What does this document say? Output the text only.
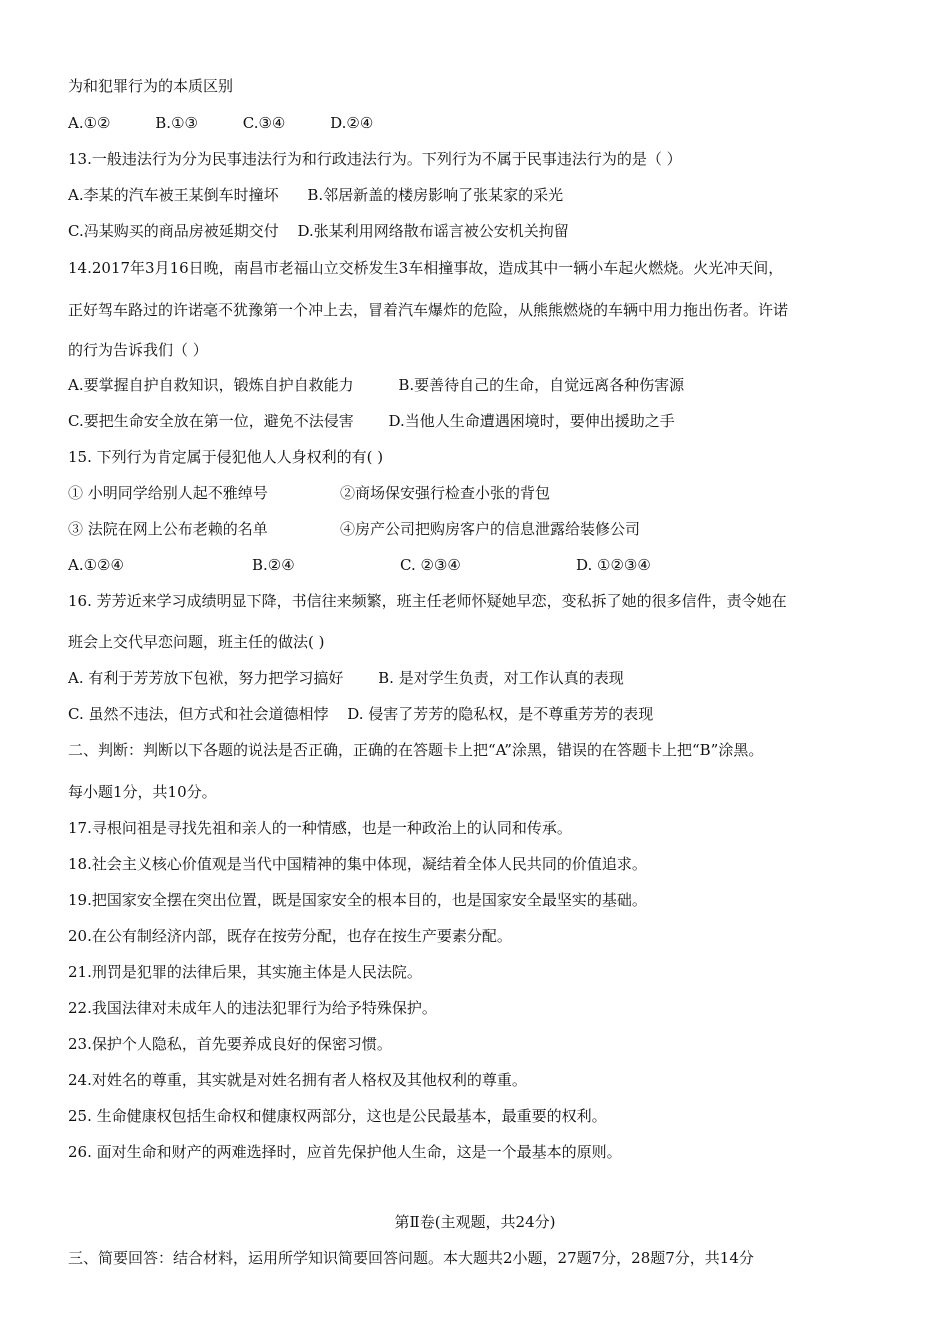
为和犯罪行为的本质区别
A.①②	B.①③	C.③④	D.②④
13.一般违法行为分为民事违法行为和行政违法行为。下列行为不属于民事违法行为的是（ ）
A.李某的汽车被王某倒车时撞坏 B.邻居新盖的楼房影响了张某家的采光
C.冯某购买的商品房被延期交付 D.张某利用网络散布谣言被公安机关拘留
14.2017年3月16日晚，南昌市老福山立交桥发生3车相撞事故，造成其中一辆小车起火燃烧。火光冲天间，
正好驾车路过的许诺毫不犹豫第一个冲上去，冒着汽车爆炸的危险，从熊熊燃烧的车辆中用力拖出伤者。许诺
的行为告诉我们（ ）
A.要掌握自护自救知识，锻炼自护自救能力	B.要善待自己的生命，自觉远离各种伤害源
C.要把生命安全放在第一位，避免不法侵害 D.当他人生命遭遇困境时，要伸出援助之手
15. 下列行为肯定属于侵犯他人人身权利的有( )
① 小明同学给别人起不雅绰号	②商场保安强行检查小张的背包
③ 法院在网上公布老赖的名单	④房产公司把购房客户的信息泄露给装修公司
A.①②④	B.②④	C. ②③④	D. ①②③④
16. 芳芳近来学习成绩明显下降，书信往来频繁，班主任老师怀疑她早恋，变私拆了她的很多信件，责令她在
班会上交代早恋问题，班主任的做法( )
A. 有利于芳芳放下包袱，努力把学习搞好 B. 是对学生负责，对工作认真的表现
C. 虽然不违法，但方式和社会道德相悖 D. 侵害了芳芳的隐私权，是不尊重芳芳的表现
二、判断：判断以下各题的说法是否正确，正确的在答题卡上把“A”涂黑，错误的在答题卡上把“B”涂黑。
每小题1分，共10分。
17.寻根问祖是寻找先祖和亲人的一种情感，也是一种政治上的认同和传承。
18.社会主义核心价值观是当代中国精神的集中体现，凝结着全体人民共同的价值追求。
19.把国家安全摆在突出位置，既是国家安全的根本目的，也是国家安全最坚实的基础。
20.在公有制经济内部，既存在按劳分配，也存在按生产要素分配。
21.刑罚是犯罪的法律后果，其实施主体是人民法院。
22.我国法律对未成年人的违法犯罪行为给予特殊保护。
23.保护个人隐私，首先要养成良好的保密习惯。
24.对姓名的尊重，其实就是对姓名拥有者人格权及其他权利的尊重。
25. 生命健康权包括生命权和健康权两部分，这也是公民最基本，最重要的权利。
26. 面对生命和财产的两难选择时，应首先保护他人生命，这是一个最基本的原则。
第Ⅱ卷(主观题，共24分)
三、简要回答：结合材料，运用所学知识简要回答问题。本大题共2小题，27题7分，28题7分，共14分
